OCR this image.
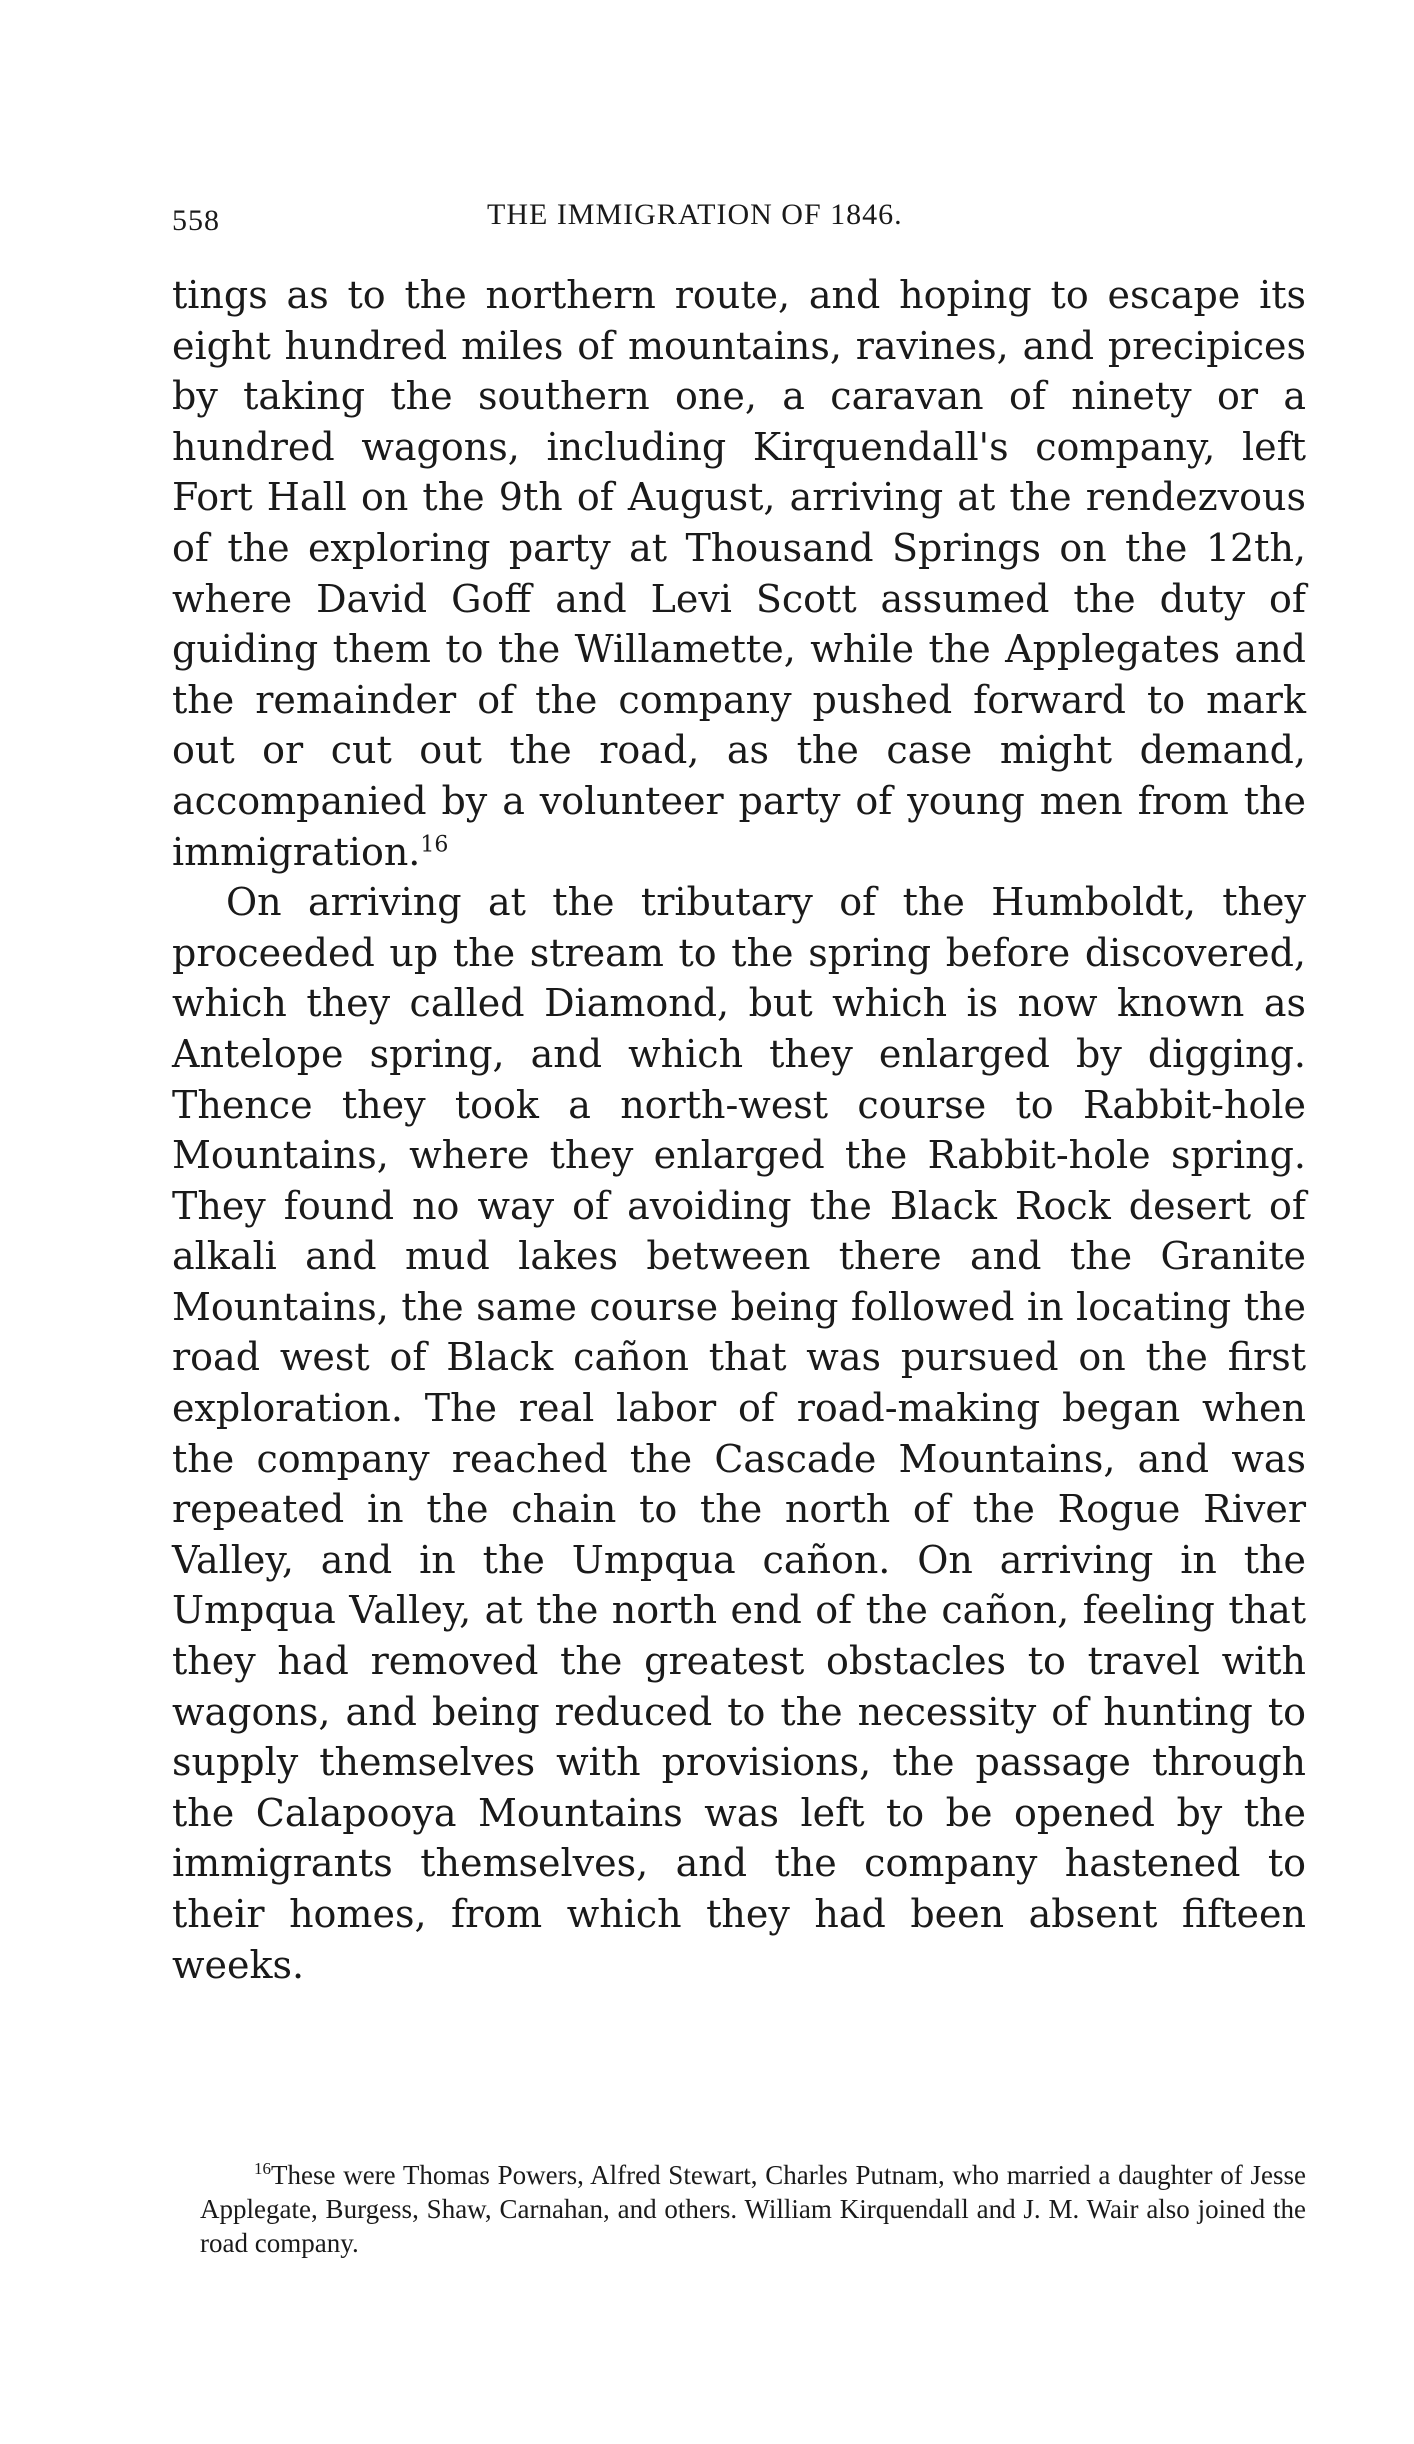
558	THE IMMIGRATION OF 1846.

tings as to the northern route, and hoping to escape its eight hundred miles of mountains, ravines, and precipices by taking the southern one, a caravan of ninety or a hundred wagons, including Kirquendall's company, left Fort Hall on the 9th of August, arriving at the rendezvous of the exploring party at Thousand Springs on the 12th, where David Goff and Levi Scott assumed the duty of guiding them to the Willamette, while the Applegates and the remainder of the company pushed forward to mark out or cut out the road, as the case might demand, accompanied by a volunteer party of young men from the immigration.$^{16}$

On arriving at the tributary of the Humboldt, they proceeded up the stream to the spring before discovered, which they called Diamond, but which is now known as Antelope spring, and which they enlarged by digging. Thence they took a north-west course to Rabbit-hole Mountains, where they enlarged the Rabbit-hole spring. They found no way of avoiding the Black Rock desert of alkali and mud lakes between there and the Granite Mountains, the same course being followed in locating the road west of Black cañon that was pursued on the first exploration. The real labor of road-making began when the company reached the Cascade Mountains, and was repeated in the chain to the north of the Rogue River Valley, and in the Umpqua cañon. On arriving in the Umpqua Valley, at the north end of the cañon, feeling that they had removed the greatest obstacles to travel with wagons, and being reduced to the necessity of hunting to supply themselves with provisions, the passage through the Calapooya Mountains was left to be opened by the immigrants themselves, and the company hastened to their homes, from which they had been absent fifteen weeks.

$^{16}$These were Thomas Powers, Alfred Stewart, Charles Putnam, who married a daughter of Jesse Applegate, Burgess, Shaw, Carnahan, and others. William Kirquendall and J. M. Wair also joined the road company.
